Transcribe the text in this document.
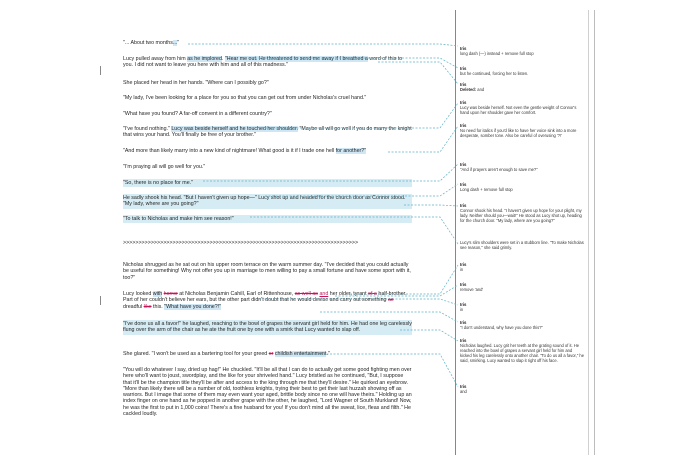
"... About two months..."
Lucy pulled away from him as he implored. "Hear me out. He threatened to send me away if I breathed a word of this to you. I did not want to leave you here with him and all of this madness."
She placed her head in her hands. "Where can I possibly go?"
"My lady, I've been looking for a place for you so that you can get out from under Nicholas's cruel hand."
"What have you found? A far-off convent in a different country?"
"I've found nothing." Lucy was beside herself and he touched her shoulder. "Maybe all will go well if you do marry the knight that wins your hand. You'll finally be free of your brother."
"And more than likely marry into a new kind of nightmare! What good is it if I trade one hell for another?"
"I'm praying all will go well for you."
"So, there is no place for me."
He sadly shook his head. "But I haven't given up hope—" Lucy shot up and headed for the church door as Connor stood. "My lady, where are you going?"
"To talk to Nicholas and make him see reason!"
>>>>>>>>>>>>>>>>>>>>>>>>>>>>>>>>>>>>>>>>>>>>>>>>>>>>>>>>>>>>>>>>>>>>>>>>>>>>
Nicholas shrugged as he sat out on his upper room terrace on the warm summer day. "I've decided that you could actually be useful for something! Why not offer you up in marriage to men willing to pay a small fortune and have some sport with it, too?"
Lucy looked with horror at Nicholas Benjamin Cahill, Earl of Rittenhouse, as well as and her older, tyrant of a half-brother. Part of her couldn't believe her ears, but the other part didn't doubt that he would devise and carry out something as dreadful like this. "What have you done?!"
"I've done us all a favor!" he laughed, reaching to the bowl of grapes the servant girl held for him. He had one leg carelessly flung over the arm of the chair as he ate the fruit one by one with a smirk that Lucy wanted to slap off.
She glared. "I won't be used as a bartering tool for your greed or childish entertainment."
"You will do whatever I say, dried up hag!" He chuckled. "It'll be all that I can do to actually get some good fighting men over here who'll want to joust, swordplay, and the like for your shriveled hand." Lucy bristled as he continued, "But, I suppose that it'll be the champion title they'll be after and access to the king through me that they'll desire." He quirked an eyebrow. "More than likely there will be a number of old, toothless knights, trying their best to get their last huzzah showing off as warriors. But I image that some of them may even want your aged, brittle body since no one will have theirs." Holding up an index finger on one hand as he popped in another grape with the other, he laughed, "Lord Wagner of South Murkland! Now, he was the first to put in 1,000 coins! There's a fine husband for you! If you don't mind all the sweat, lice, fleas and filth." He cackled loudly.
Iris
long dash (—) instead + remove full stop
Iris
but he continued, forcing her to listen.
Iris
Deleted: and
Iris
Lucy was beside herself. Not even the gentle weight of Connor's hand upon her shoulder gave her comfort.
Iris
No need for italics if you'd like to have her voice sink into a more desperate, somber tone. Also be careful of overusing '?!'
Iris
"And if prayers aren't enough to save me?"
Iris
Long dash + remove full stop
Iris
Connor shook his head. "I haven't given up hope for your plight, my lady. Neither should you—wait!" He stood as Lucy shot up, heading for the church door. "My lady, where are you going?"
Lucy's slim shoulders were set in a stubborn line. "To make Nicholas see reason," she said grimly.
Iris
in
Iris
remove 'and'
Iris
in
Iris
"I don't understand, why have you done this?"
Iris
Nicholas laughed. Lucy grit her teeth at the grating sound of it. He reached into the bowl of grapes a servant girl held for him and kicked his leg carelessly onto another chair. "To do us all a favor," he said, smirking. Lucy wanted to slap it right off his face.
Iris
and
